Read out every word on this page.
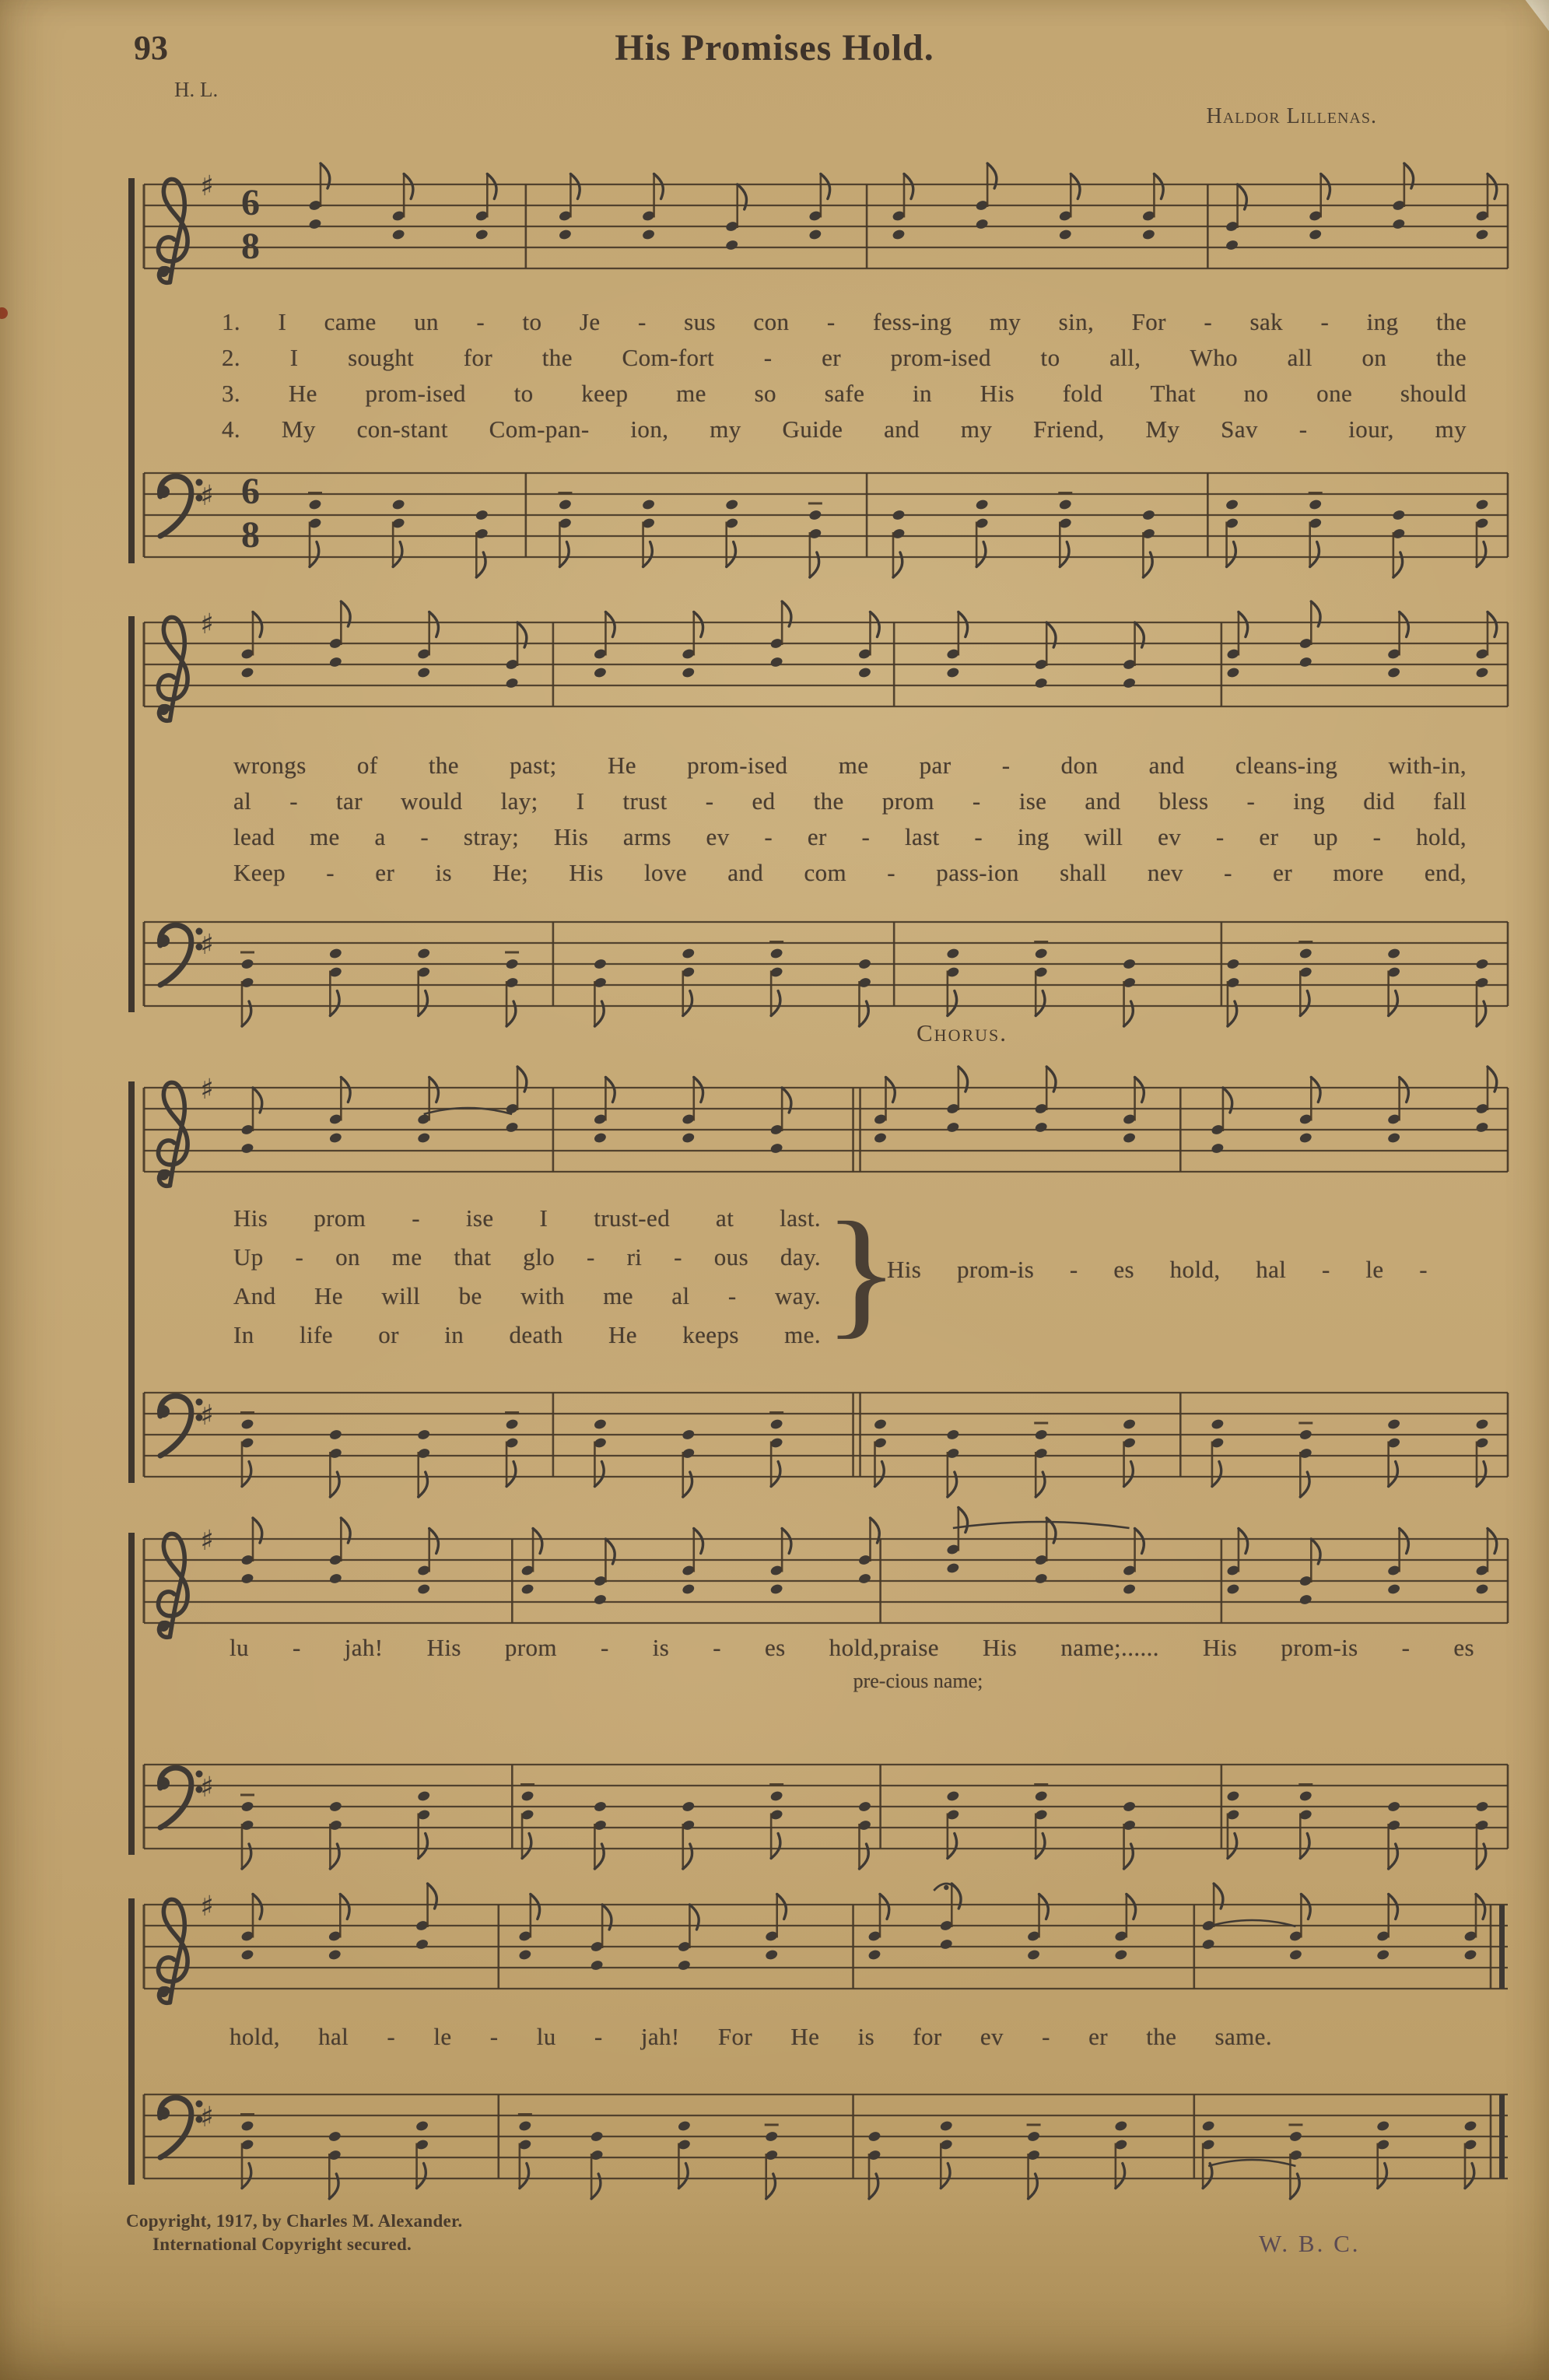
93	His Promises Hold.
H. L.
Haldor Lillenas.
♯
♯
6
8
6
8
♯
♯
♯
♯
♯
♯
♯
♯
1. I came un - to Je - sus con - fess-ing my sin, For - sak - ing the
2. I sought for the Com-fort - er prom-ised to all, Who all on the
3. He prom-ised to keep me so safe in His fold That no one should
4. My con-stant Com-pan- ion, my Guide and my Friend, My Sav - iour, my
wrongs of the past; He prom-ised me par - don and cleans-ing with-in,
al - tar would lay; I trust - ed the prom - ise and bless - ing did fall
lead me a - stray; His arms ev - er - last - ing will ev - er up - hold,
Keep - er is He; His love and com - pass-ion shall nev - er more end,
Chorus.
His prom - ise I trust-ed at last.
Up - on me that glo - ri - ous day.
And He will be with me al - way.
In life or in death He keeps me. }
His prom-is - es hold, hal - le -
lu - jah! His prom - is - es hold,praise His name;...... His prom-is - es
pre-cious name;
hold, hal - le - lu - jah! For He is for ev - er the same.
Copyright, 1917, by Charles M. Alexander.
International Copyright secured.	W. B. C.
